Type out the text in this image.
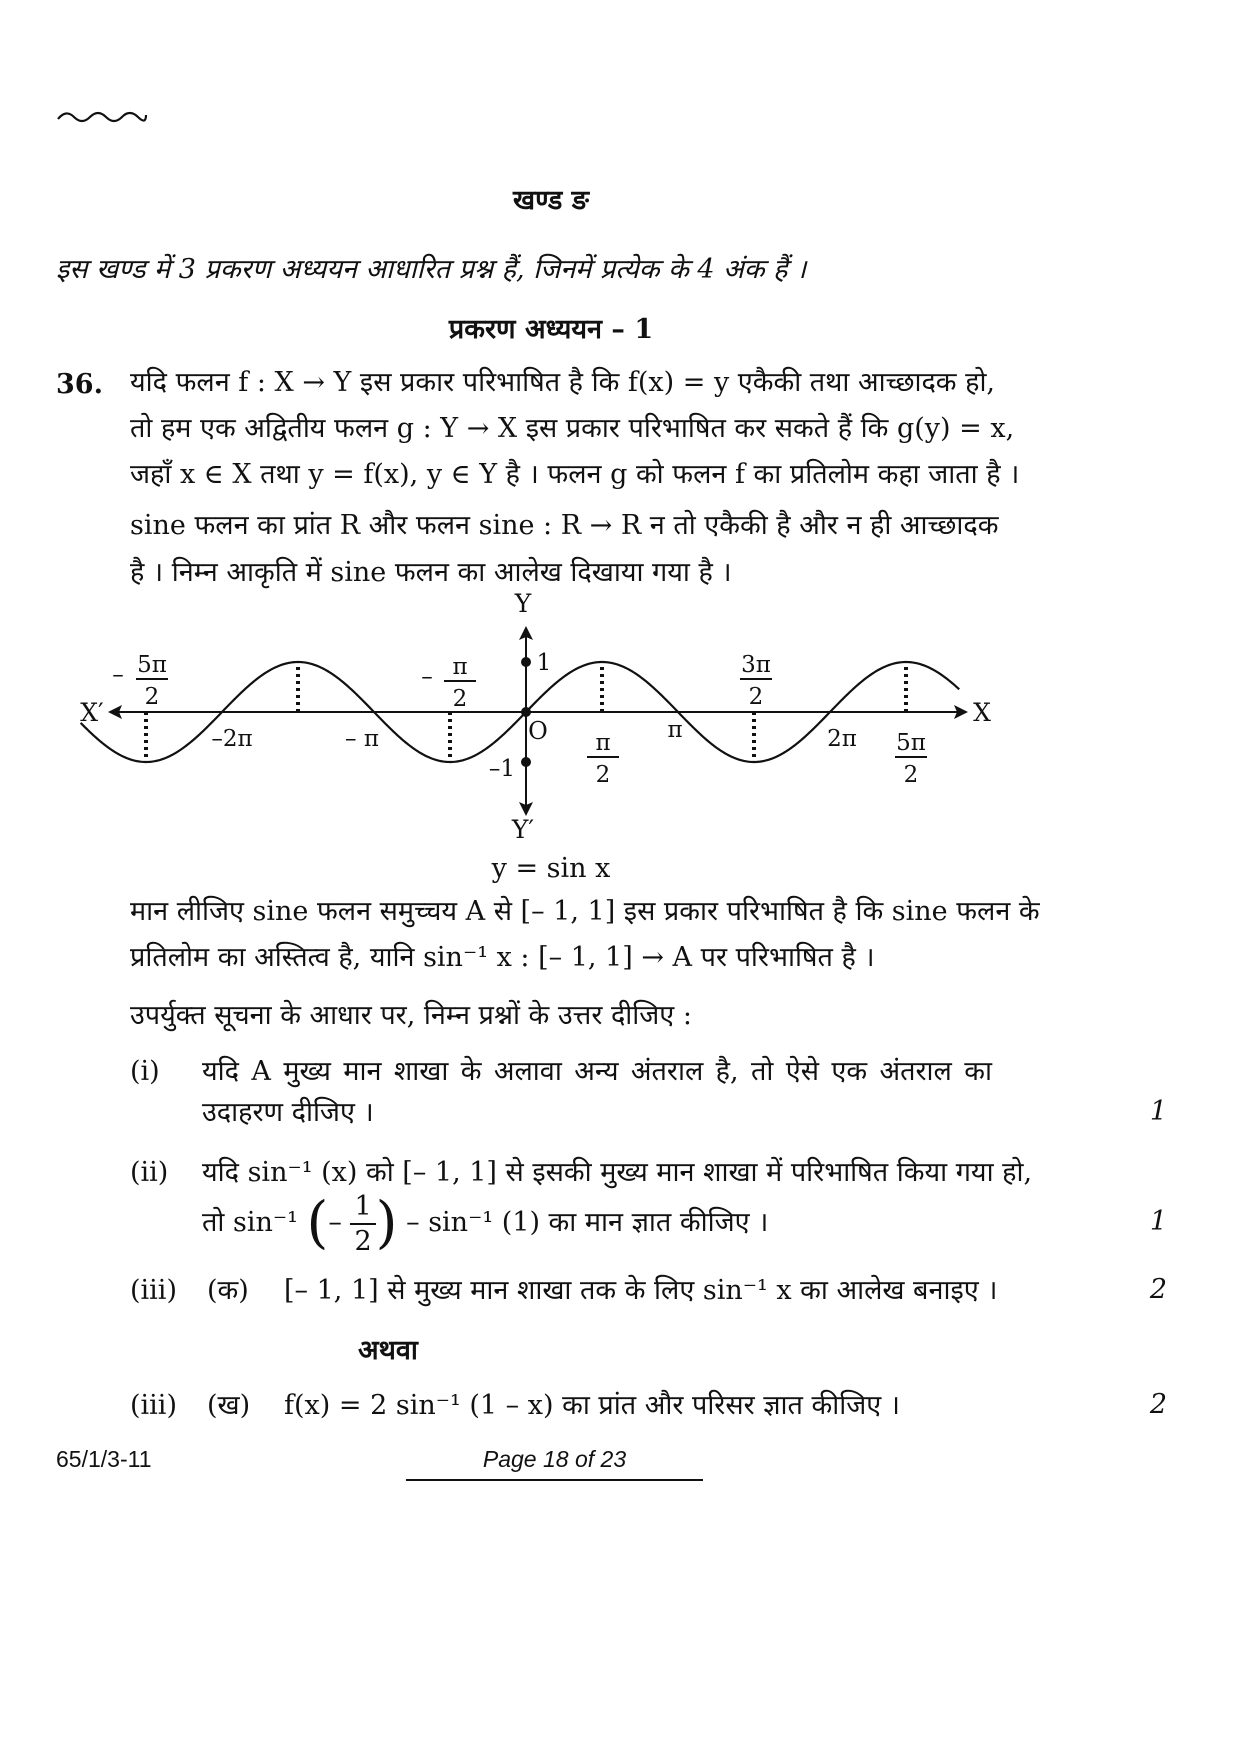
खण्ड ङ
इस खण्ड में 3 प्रकरण अध्ययन आधारित प्रश्न हैं, जिनमें प्रत्येक के 4 अंक हैं ।
प्रकरण अध्ययन – 1
36. यदि फलन f : X → Y इस प्रकार परिभाषित है कि f(x) = y एकैकी तथा आच्छादक हो,
तो हम एक अद्वितीय फलन g : Y → X इस प्रकार परिभाषित कर सकते हैं कि g(y) = x,
जहाँ x ∈ X तथा y = f(x), y ∈ Y है । फलन g को फलन f का प्रतिलोम कहा जाता है ।
sine फलन का प्रांत R और फलन sine : R → R न तो एकैकी है और न ही आच्छादक
है । निम्न आकृति में sine फलन का आलेख दिखाया गया है ।
Y
Y′
X
X′
O
1
–1
–2π	– π	π	2π
– 5π
2
– π
2
π
2
3π
2
5π
2
y = sin x
मान लीजिए sine फलन समुच्चय A से [– 1, 1] इस प्रकार परिभाषित है कि sine फलन के
प्रतिलोम का अस्तित्व है, यानि sin⁻¹ x : [– 1, 1] → A पर परिभाषित है ।
उपर्युक्त सूचना के आधार पर, निम्न प्रश्नों के उत्तर दीजिए :
(i) यदि A मुख्य मान शाखा के अलावा अन्य अंतराल है, तो ऐसे एक अंतराल का
उदाहरण दीजिए ।	1
(ii) यदि sin⁻¹ (x) को [– 1, 1] से इसकी मुख्य मान शाखा में परिभाषित किया गया हो,
तो sin⁻¹ (– $\frac{1}{2}$ ) – sin⁻¹ (1) का मान ज्ञात कीजिए ।	1
(iii) (क) [– 1, 1] से मुख्य मान शाखा तक के लिए sin⁻¹ x का आलेख बनाइए ।	2
अथवा
(iii) (ख) f(x) = 2 sin⁻¹ (1 – x) का प्रांत और परिसर ज्ञात कीजिए ।	2
65/1/3-11	Page 18 of 23
